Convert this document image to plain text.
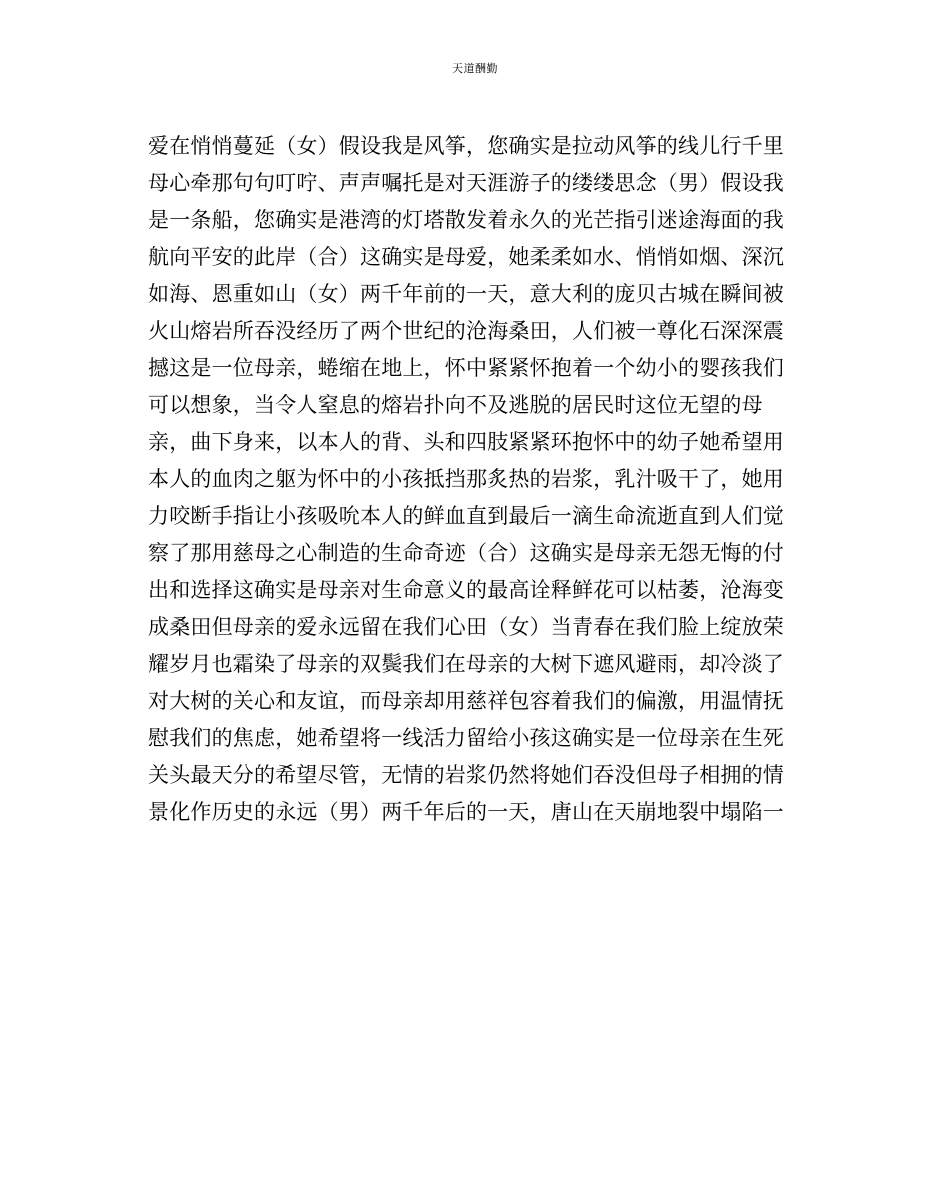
天道酬勤
爱在悄悄蔓延（女）假设我是风筝，您确实是拉动风筝的线儿行千里
母心牵那句句叮咛、声声嘱托是对天涯游子的缕缕思念（男）假设我
是一条船，您确实是港湾的灯塔散发着永久的光芒指引迷途海面的我
航向平安的此岸（合）这确实是母爱，她柔柔如水、悄悄如烟、深沉
如海、恩重如山（女）两千年前的一天，意大利的庞贝古城在瞬间被
火山熔岩所吞没经历了两个世纪的沧海桑田，人们被一尊化石深深震
撼这是一位母亲，蜷缩在地上，怀中紧紧怀抱着一个幼小的婴孩我们
可以想象，当令人窒息的熔岩扑向不及逃脱的居民时这位无望的母
亲，曲下身来，以本人的背、头和四肢紧紧环抱怀中的幼子她希望用
本人的血肉之躯为怀中的小孩抵挡那炙热的岩浆，乳汁吸干了，她用
力咬断手指让小孩吸吮本人的鲜血直到最后一滴生命流逝直到人们觉
察了那用慈母之心制造的生命奇迹（合）这确实是母亲无怨无悔的付
出和选择这确实是母亲对生命意义的最高诠释鲜花可以枯萎，沧海变
成桑田但母亲的爱永远留在我们心田（女）当青春在我们脸上绽放荣
耀岁月也霜染了母亲的双鬓我们在母亲的大树下遮风避雨，却冷淡了
对大树的关心和友谊，而母亲却用慈祥包容着我们的偏激，用温情抚
慰我们的焦虑，她希望将一线活力留给小孩这确实是一位母亲在生死
关头最天分的希望尽管，无情的岩浆仍然将她们吞没但母子相拥的情
景化作历史的永远（男）两千年后的一天，唐山在天崩地裂中塌陷一
